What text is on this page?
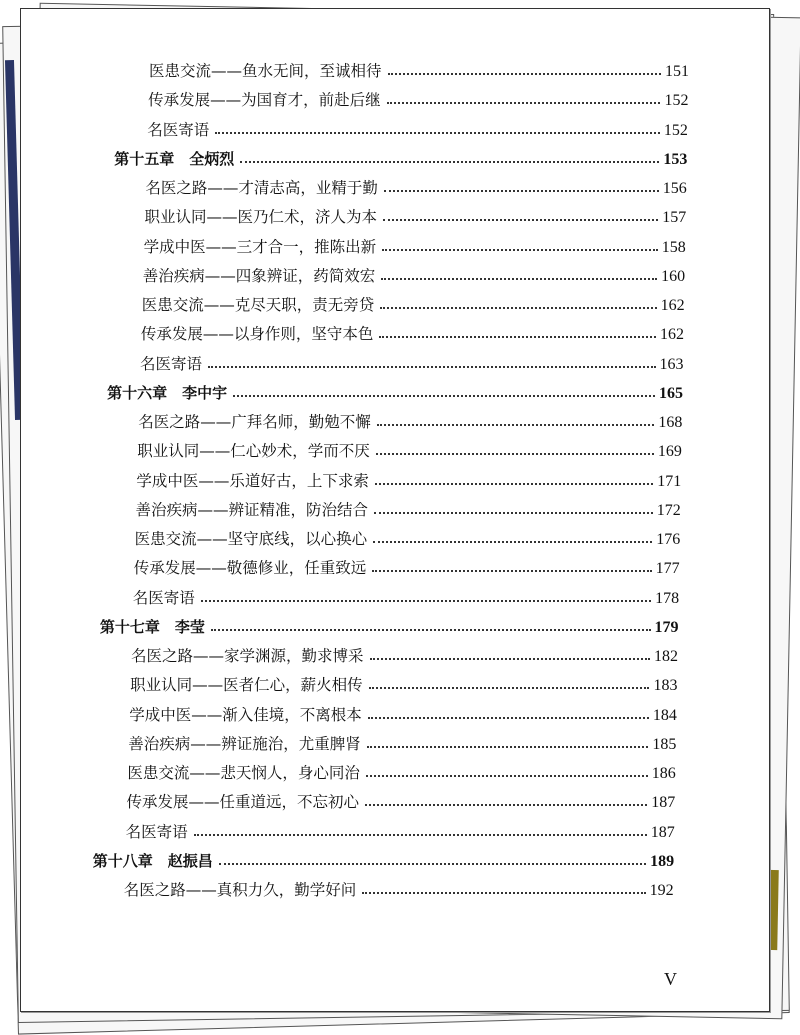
医患交流——鱼水无间，至诚相待	151
传承发展——为国育才，前赴后继	152
名医寄语	152
第十五章　全炳烈	153
名医之路——才清志高，业精于勤	156
职业认同——医乃仁术，济人为本	157
学成中医——三才合一，推陈出新	158
善治疾病——四象辨证，药简效宏	160
医患交流——克尽天职，责无旁贷	162
传承发展——以身作则，坚守本色	162
名医寄语	163
第十六章　李中宇	165
名医之路——广拜名师，勤勉不懈	168
职业认同——仁心妙术，学而不厌	169
学成中医——乐道好古，上下求索	171
善治疾病——辨证精准，防治结合	172
医患交流——坚守底线，以心换心	176
传承发展——敬德修业，任重致远	177
名医寄语	178
第十七章　李莹	179
名医之路——家学渊源，勤求博采	182
职业认同——医者仁心，薪火相传	183
学成中医——渐入佳境，不离根本	184
善治疾病——辨证施治，尤重脾肾	185
医患交流——悲天悯人，身心同治	186
传承发展——任重道远，不忘初心	187
名医寄语	187
第十八章　赵振昌	189
名医之路——真积力久，勤学好问	192
V
